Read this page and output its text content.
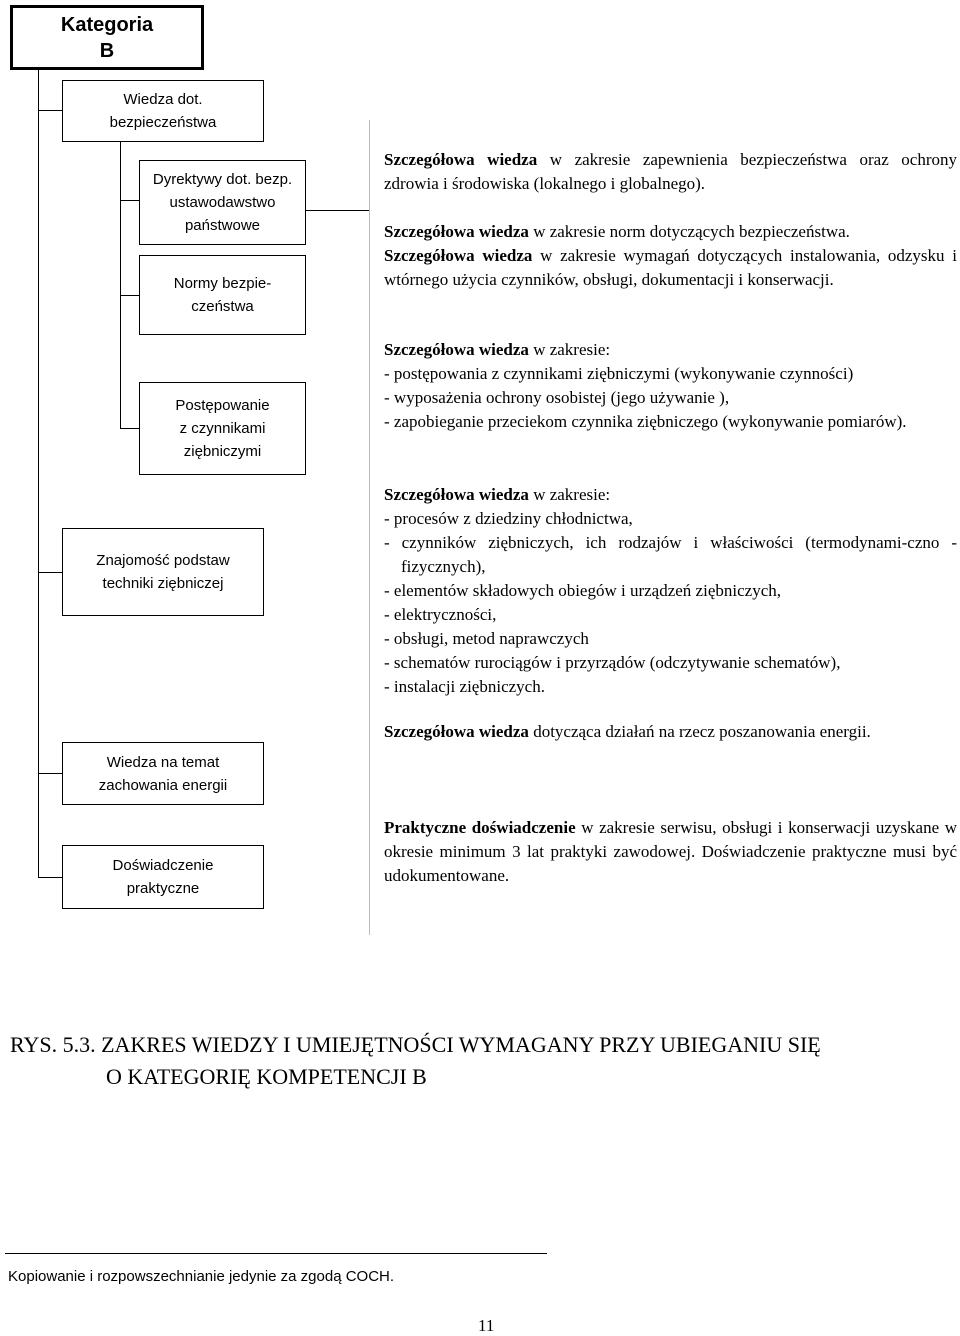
Kategoria
B
Wiedza dot.
bezpieczeństwa
Dyrektywy dot. bezp.
ustawodawstwo
państwowe
Normy bezpie-
czeństwa
Postępowanie
z czynnikami
ziębniczymi
Znajomość podstaw
techniki ziębniczej
Wiedza na temat
zachowania energii
Doświadczenie
praktyczne

Szczegółowa wiedza w zakresie zapewnienia bezpieczeństwa oraz ochrony zdrowia i środowiska (lokalnego i globalnego).

Szczegółowa wiedza w zakresie norm dotyczących bezpieczeństwa.

Szczegółowa wiedza w zakresie wymagań dotyczących instalowania, odzysku i wtórnego użycia czynników, obsługi, dokumentacji i konserwacji.

Szczegółowa wiedza w zakresie:

- postępowania z czynnikami ziębniczymi (wykonywanie czynności)
- wyposażenia ochrony osobistej (jego używanie ),
- zapobieganie przeciekom czynnika ziębniczego (wykonywanie pomiarów).

Szczegółowa wiedza w zakresie:

- procesów z dziedziny chłodnictwa,
- czynników ziębniczych, ich rodzajów i właściwości (termodynami-czno - fizycznych),
- elementów składowych obiegów i urządzeń ziębniczych,
- elektryczności,
- obsługi, metod naprawczych
- schematów rurociągów i przyrządów (odczytywanie schematów),
- instalacji ziębniczych.

Szczegółowa wiedza dotycząca działań na rzecz poszanowania energii.

Praktyczne doświadczenie w zakresie serwisu, obsługi i konserwacji uzyskane w okresie minimum 3 lat praktyki zawodowej. Doświadczenie praktyczne musi być udokumentowane.

RYS. 5.3. ZAKRES WIEDZY I UMIEJĘTNOŚCI WYMAGANY PRZY UBIEGANIU SIĘ
O KATEGORIĘ KOMPETENCJI B
Kopiowanie i rozpowszechnianie jedynie za zgodą COCH.
11
